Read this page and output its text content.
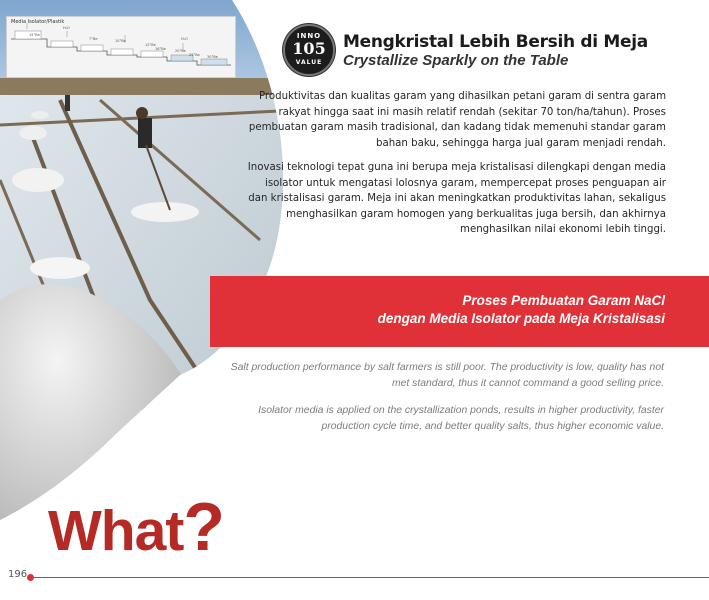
Media Isolator/Plastik
15°Be
H₂O
7°Be	10°Be
12°Be
16°Be	20°Be
25°Be 30°Be
H₂O	INNO
105
VALUE
Mengkristal Lebih Bersih di Meja
Crystallize Sparkly on the Table
Produktivitas dan kualitas garam yang dihasilkan petani garam di sentra garam rakyat hingga saat ini masih relatif rendah (sekitar 70 ton/ha/tahun). Proses pembuatan garam masih tradisional, dan kadang tidak memenuhi standar garam bahan baku, sehingga harga jual garam menjadi rendah.
Inovasi teknologi tepat guna ini berupa meja kristalisasi dilengkapi dengan media isolator untuk mengatasi lolosnya garam, mempercepat proses penguapan air dan kristalisasi garam. Meja ini akan meningkatkan produktivitas lahan, sekaligus menghasilkan garam homogen yang berkualitas juga bersih, dan akhirnya menghasilkan nilai ekonomi lebih tinggi.
Proses Pembuatan Garam NaCl
dengan Media Isolator pada Meja Kristalisasi
Salt production performance by salt farmers is still poor. The productivity is low, quality has not met standard, thus it cannot command a good selling price.
Isolator media is applied on the crystallization ponds, results in higher productivity, faster production cycle time, and better quality salts, thus higher economic value.
What?
196
